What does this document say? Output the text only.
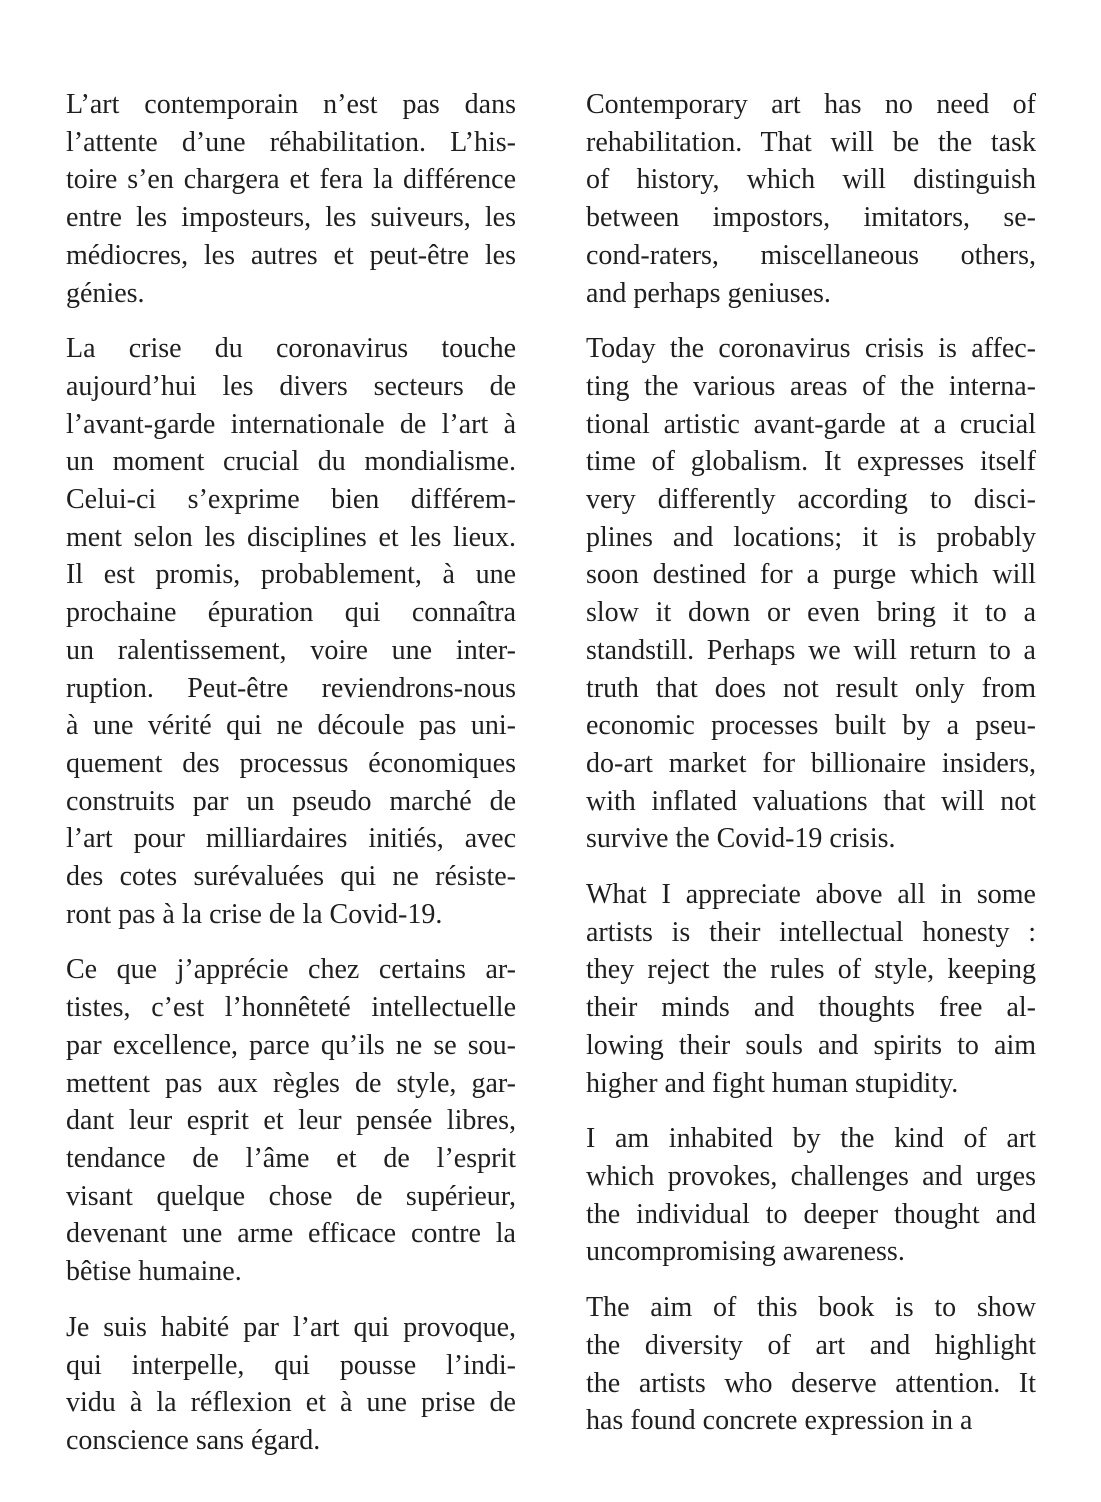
L’art contemporain n’est pas dans
l’attente d’une réhabilitation. L’his-
toire s’en chargera et fera la différence
entre les imposteurs, les suiveurs, les
médiocres, les autres et peut-être les
génies.
La crise du coronavirus touche
aujourd’hui les divers secteurs de
l’avant-garde internationale de l’art à
un moment crucial du mondialisme.
Celui-ci s’exprime bien différem-
ment selon les disciplines et les lieux.
Il est promis, probablement, à une
prochaine épuration qui connaîtra
un ralentissement, voire une inter-
ruption. Peut-être reviendrons-nous
à une vérité qui ne découle pas uni-
quement des processus économiques
construits par un pseudo marché de
l’art pour milliardaires initiés, avec
des cotes surévaluées qui ne résiste-
ront pas à la crise de la Covid-19.
Ce que j’apprécie chez certains ar-
tistes, c’est l’honnêteté intellectuelle
par excellence, parce qu’ils ne se sou-
mettent pas aux règles de style, gar-
dant leur esprit et leur pensée libres,
tendance de l’âme et de l’esprit
visant quelque chose de supérieur,
devenant une arme efficace contre la
bêtise humaine.
Je suis habité par l’art qui provoque,
qui interpelle, qui pousse l’indi-
vidu à la réflexion et à une prise de
conscience sans égard.
Contemporary art has no need of
rehabilitation. That will be the task
of history, which will distinguish
between impostors, imitators, se-
cond-raters, miscellaneous others,
and perhaps geniuses.
Today the coronavirus crisis is affec-
ting the various areas of the interna-
tional artistic avant-garde at a crucial
time of globalism. It expresses itself
very differently according to disci-
plines and locations; it is probably
soon destined for a purge which will
slow it down or even bring it to a
standstill. Perhaps we will return to a
truth that does not result only from
economic processes built by a pseu-
do-art market for billionaire insiders,
with inflated valuations that will not
survive the Covid-19 crisis.
What I appreciate above all in some
artists is their intellectual honesty :
they reject the rules of style, keeping
their minds and thoughts free al-
lowing their souls and spirits to aim
higher and fight human stupidity.
I am inhabited by the kind of art
which provokes, challenges and urges
the individual to deeper thought and
uncompromising awareness.
The aim of this book is to show
the diversity of art and highlight
the artists who deserve attention. It
has found concrete expression in a
